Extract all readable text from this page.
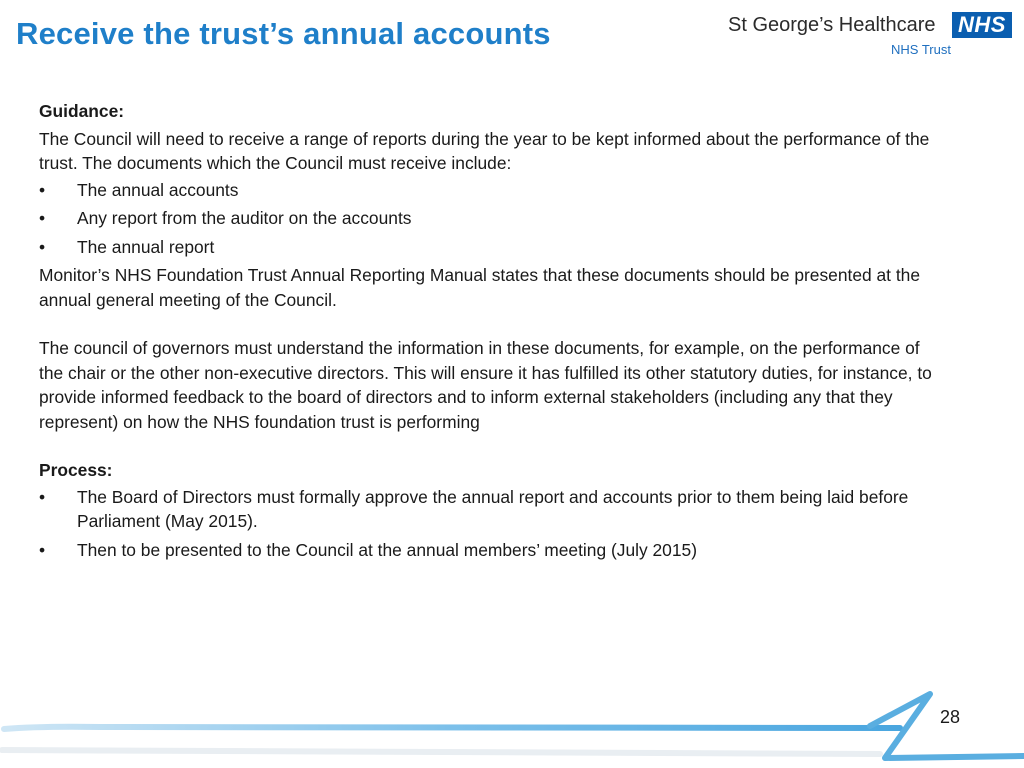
Receive the trust’s annual accounts	St George’s Healthcare NHS
NHS Trust

Guidance:

The Council will need to receive a range of reports during the year to be kept informed about the performance of the trust. The documents which the Council must receive include:

• The annual accounts
• Any report from the auditor on the accounts
• The annual report

Monitor’s NHS Foundation Trust Annual Reporting Manual states that these documents should be presented at the annual general meeting of the Council.

The council of governors must understand the information in these documents, for example, on the performance of the chair or the other non-executive directors. This will ensure it has fulfilled its other statutory duties, for instance, to provide informed feedback to the board of directors and to inform external stakeholders (including any that they represent) on how the NHS foundation trust is performing

Process:

• The Board of Directors must formally approve the annual report and accounts prior to them being laid before Parliament (May 2015).
• Then to be presented to the Council at the annual members’ meeting (July 2015)
28
